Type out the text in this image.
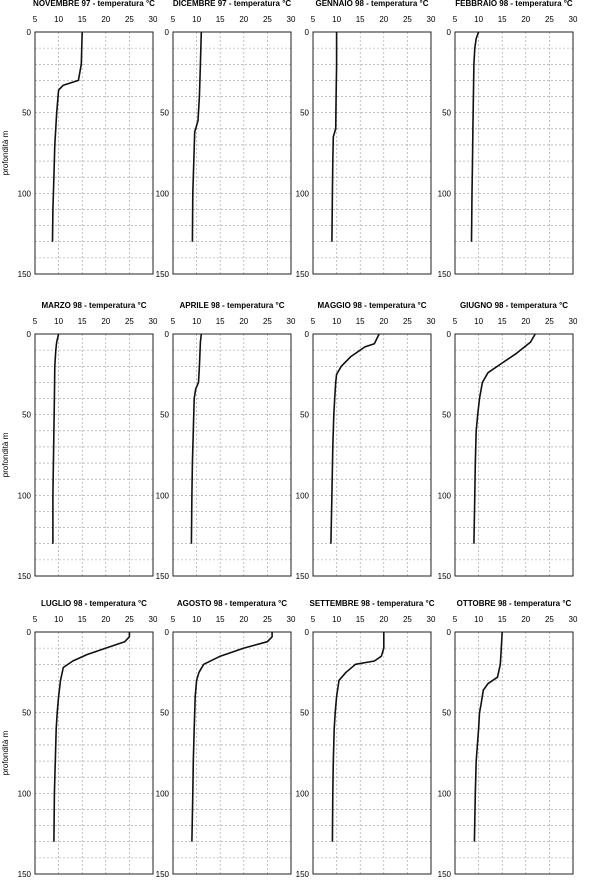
NOVEMBRE 97 - temperatura °C
5 10 15 20 25 30
0
50
100
150
profondità m
DICEMBRE 97 - temperatura °C
5 10 15 20 25 30
0
50
100
150
GENNAIO 98 - temperatura °C
5 10 15 20 25 30
0
50
100
150
FEBBRAIO 98 - temperatura °C
5 10 15 20 25 30
0
50
100
150
MARZO 98 - temperatura °C
5 10 15 20 25 30
0
50
100
150
profondità m
APRILE 98 - temperatura °C
5 10 15 20 25 30
0
50
100
150
MAGGIO 98 - temperatura °C
5 10 15 20 25 30
0
50
100
150
GIUGNO 98 - temperatura °C
5 10 15 20 25 30
0
50
100
150
LUGLIO 98 - temperatura °C
5 10 15 20 25 30
0
50
100
150
profondità m
AGOSTO 98 - temperatura °C
5 10 15 20 25 30
0
50
100
150
SETTEMBRE 98 - temperatura °C
5 10 15 20 25 30
0
50
100
150
OTTOBRE 98 - temperatura °C
5 10 15 20 25 30
0
50
100
150
